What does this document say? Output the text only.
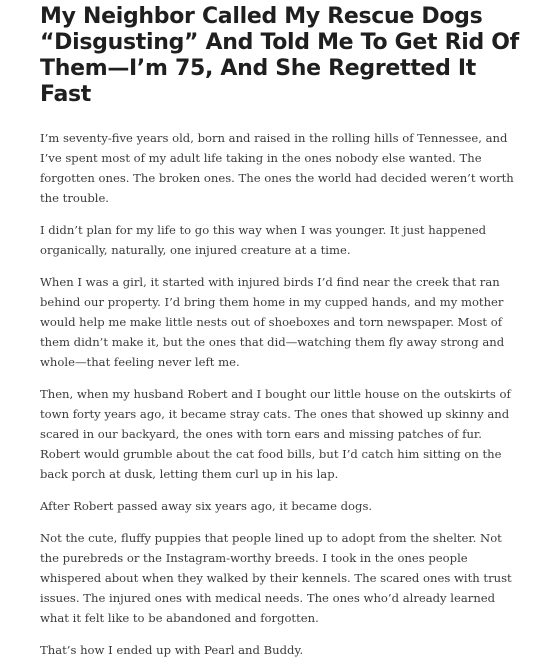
My Neighbor Called My Rescue Dogs “Disgusting” And Told Me To Get Rid Of Them—I’m 75, And She Regretted It Fast

I’m seventy-five years old, born and raised in the rolling hills of Tennessee, and I’ve spent most of my adult life taking in the ones nobody else wanted. The forgotten ones. The broken ones. The ones the world had decided weren’t worth the trouble.

I didn’t plan for my life to go this way when I was younger. It just happened organically, naturally, one injured creature at a time.

When I was a girl, it started with injured birds I’d find near the creek that ran behind our property. I’d bring them home in my cupped hands, and my mother would help me make little nests out of shoeboxes and torn newspaper. Most of them didn’t make it, but the ones that did—watching them fly away strong and whole—that feeling never left me.

Then, when my husband Robert and I bought our little house on the outskirts of town forty years ago, it became stray cats. The ones that showed up skinny and scared in our backyard, the ones with torn ears and missing patches of fur. Robert would grumble about the cat food bills, but I’d catch him sitting on the back porch at dusk, letting them curl up in his lap.

After Robert passed away six years ago, it became dogs.

Not the cute, fluffy puppies that people lined up to adopt from the shelter. Not the purebreds or the Instagram-worthy breeds. I took in the ones people whispered about when they walked by their kennels. The scared ones with trust issues. The injured ones with medical needs. The ones who’d already learned what it felt like to be abandoned and forgotten.

That’s how I ended up with Pearl and Buddy.
